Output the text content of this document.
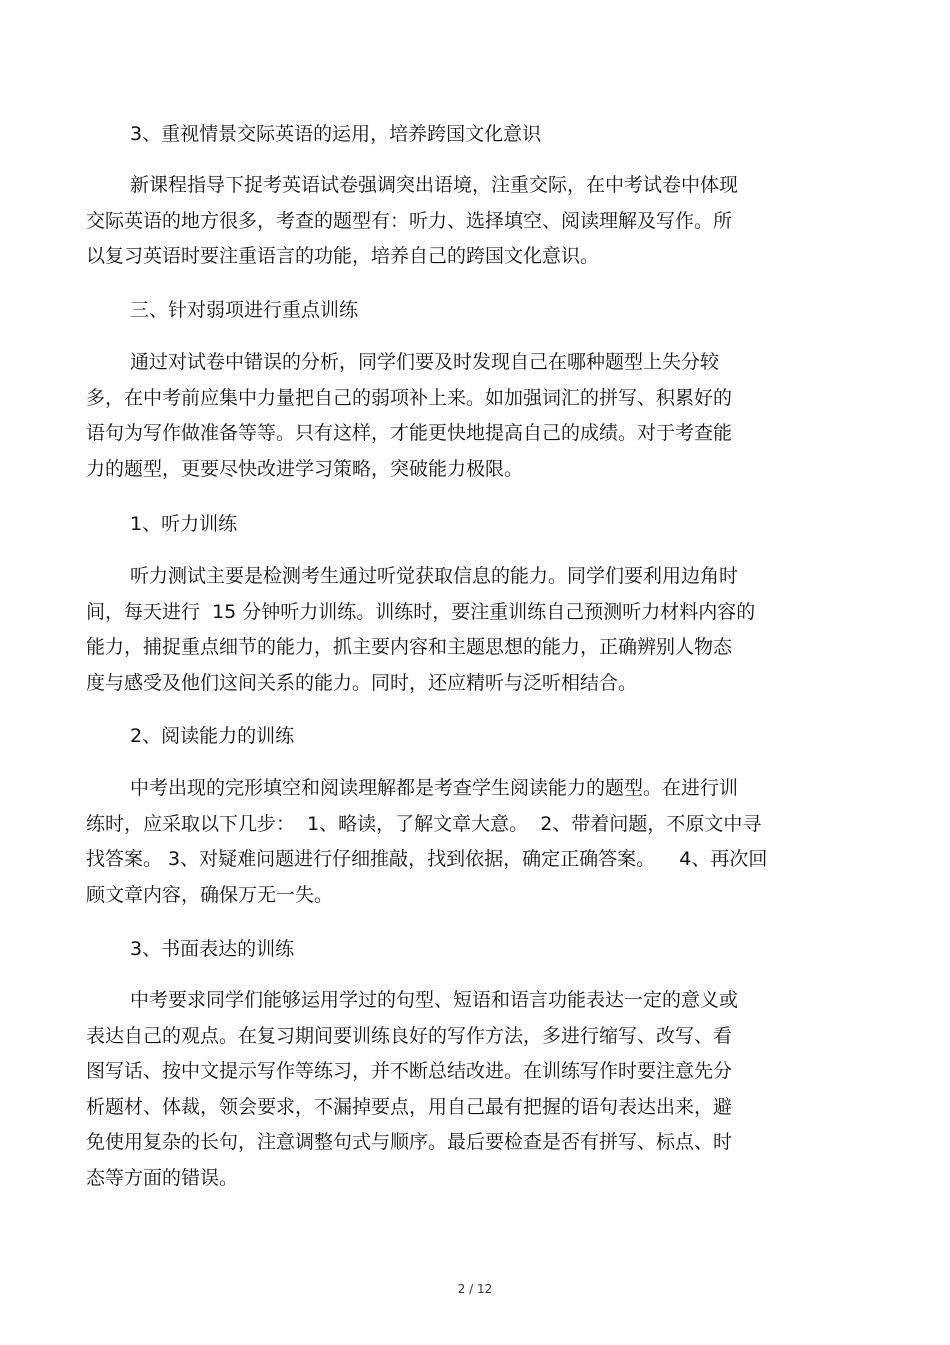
3、重视情景交际英语的运用，培养跨国文化意识
新课程指导下捉考英语试卷强调突出语境，注重交际，在中考试卷中体现
交际英语的地方很多，考查的题型有：听力、选择填空、阅读理解及写作。所
以复习英语时要注重语言的功能，培养自己的跨国文化意识。
三、针对弱项进行重点训练
通过对试卷中错误的分析，同学们要及时发现自己在哪种题型上失分较
多，在中考前应集中力量把自己的弱项补上来。如加强词汇的拼写、积累好的
语句为写作做准备等等。只有这样，才能更快地提高自己的成绩。对于考查能
力的题型，更要尽快改进学习策略，突破能力极限。
1、听力训练
听力测试主要是检测考生通过听觉获取信息的能力。同学们要利用边角时
间，每天进行  15 分钟听力训练。训练时，要注重训练自己预测听力材料内容的
能力，捕捉重点细节的能力，抓主要内容和主题思想的能力，正确辨别人物态
度与感受及他们这间关系的能力。同时，还应精听与泛听相结合。
2、阅读能力的训练
中考出现的完形填空和阅读理解都是考查学生阅读能力的题型。在进行训
练时，应采取以下几步：  1、略读，了解文章大意。  2、带着问题，不原文中寻
找答案。 3、对疑难问题进行仔细推敲，找到依据，确定正确答案。    4、再次回
顾文章内容，确保万无一失。
3、书面表达的训练
中考要求同学们能够运用学过的句型、短语和语言功能表达一定的意义或
表达自己的观点。在复习期间要训练良好的写作方法，多进行缩写、改写、看
图写话、按中文提示写作等练习，并不断总结改进。在训练写作时要注意先分
析题材、体裁，领会要求，不漏掉要点，用自己最有把握的语句表达出来，避
免使用复杂的长句，注意调整句式与顺序。最后要检查是否有拼写、标点、时
态等方面的错误。
2 / 12
